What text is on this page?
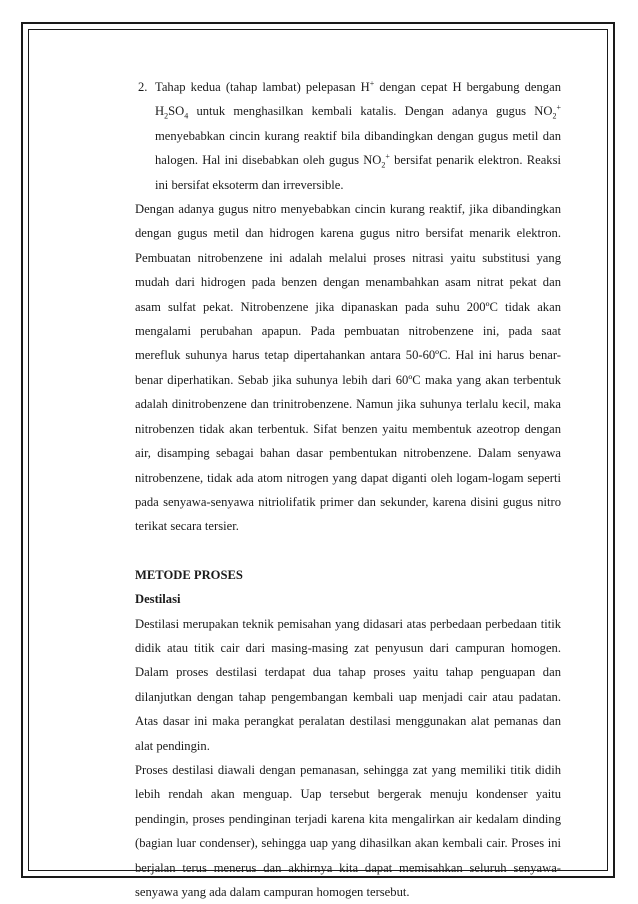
2. Tahap kedua (tahap lambat) pelepasan H+ dengan cepat H bergabung dengan $H_2SO_4$ untuk menghasilkan kembali katalis. Dengan adanya gugus $NO_2^+$ menyebabkan cincin kurang reaktif bila dibandingkan dengan gugus metil dan halogen. Hal ini disebabkan oleh gugus $NO_2^+$ bersifat penarik elektron. Reaksi ini bersifat eksoterm dan irreversible.

Dengan adanya gugus nitro menyebabkan cincin kurang reaktif, jika dibandingkan dengan gugus metil dan hidrogen karena gugus nitro bersifat menarik elektron. Pembuatan nitrobenzene ini adalah melalui proses nitrasi yaitu substitusi yang mudah dari hidrogen pada benzen dengan menambahkan asam nitrat pekat dan asam sulfat pekat. Nitrobenzene jika dipanaskan pada suhu 200ºC tidak akan mengalami perubahan apapun. Pada pembuatan nitrobenzene ini, pada saat merefluk suhunya harus tetap dipertahankan antara 50-60ºC. Hal ini harus benar-benar diperhatikan. Sebab jika suhunya lebih dari 60ºC maka yang akan terbentuk adalah dinitrobenzene dan trinitrobenzene. Namun jika suhunya terlalu kecil, maka nitrobenzen tidak akan terbentuk. Sifat benzen yaitu membentuk azeotrop dengan air, disamping sebagai bahan dasar pembentukan nitrobenzene. Dalam senyawa nitrobenzene, tidak ada atom nitrogen yang dapat diganti oleh logam-logam seperti pada senyawa-senyawa nitriolifatik primer dan sekunder, karena disini gugus nitro terikat secara tersier.

METODE PROSES

Destilasi

Destilasi merupakan teknik pemisahan yang didasari atas perbedaan perbedaan titik didik atau titik cair dari masing-masing zat penyusun dari campuran homogen. Dalam proses destilasi terdapat dua tahap proses yaitu tahap penguapan dan dilanjutkan dengan tahap pengembangan kembali uap menjadi cair atau padatan. Atas dasar ini maka perangkat peralatan destilasi menggunakan alat pemanas dan alat pendingin.

Proses destilasi diawali dengan pemanasan, sehingga zat yang memiliki titik didih lebih rendah akan menguap. Uap tersebut bergerak menuju kondenser yaitu pendingin, proses pendinginan terjadi karena kita mengalirkan air kedalam dinding (bagian luar condenser), sehingga uap yang dihasilkan akan kembali cair. Proses ini berjalan terus menerus dan akhirnya kita dapat memisahkan seluruh senyawa-senyawa yang ada dalam campuran homogen tersebut.
